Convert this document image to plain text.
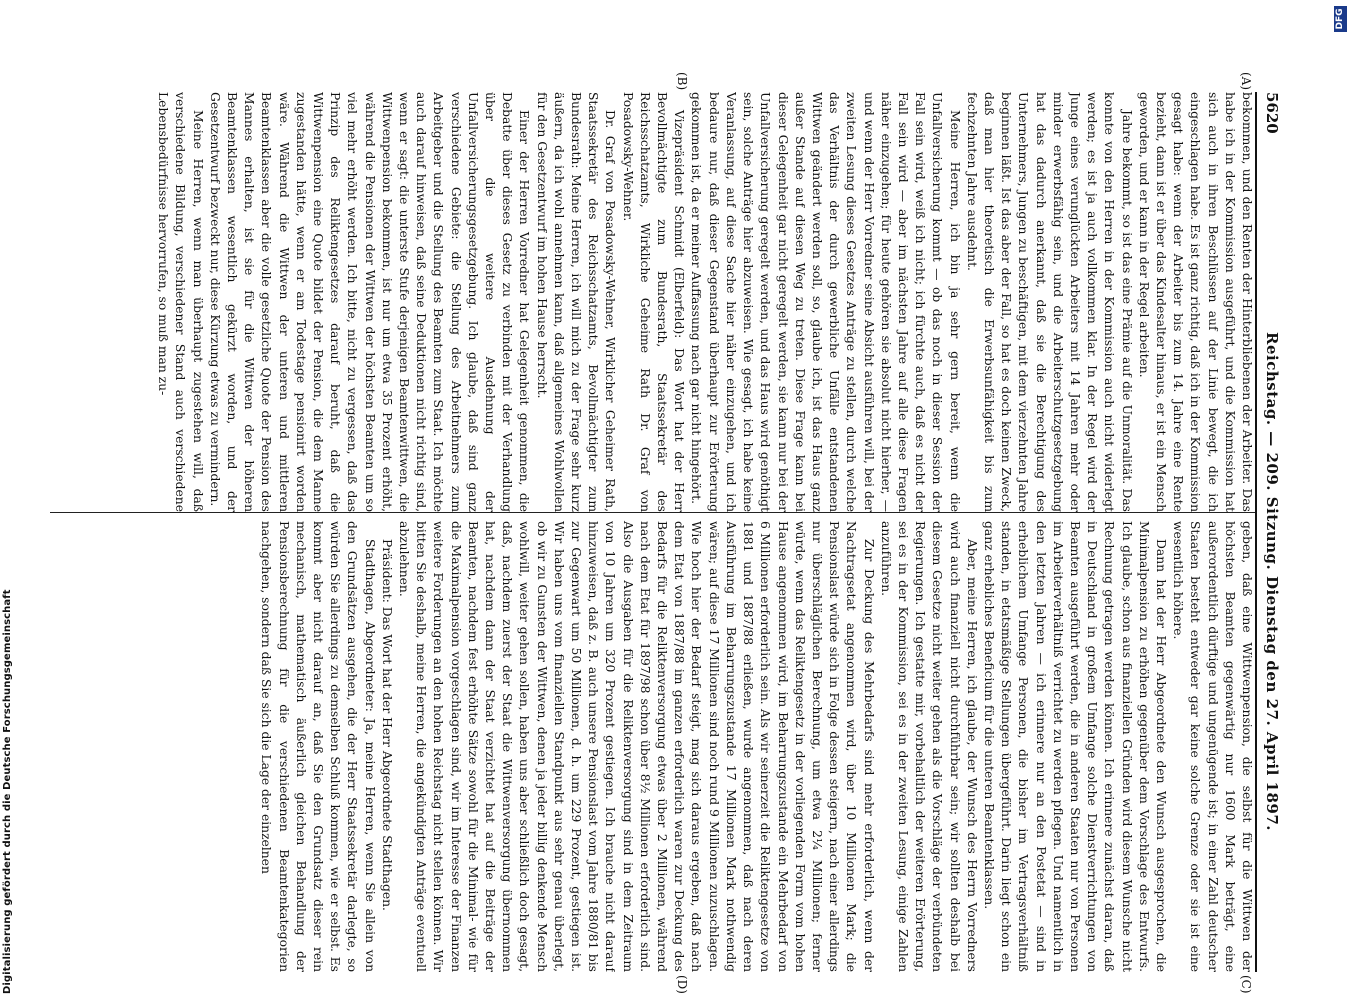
5620
Reichstag. — 209. Sitzung. Dienstag den 27. April 1897.
(A)
(B)
(C)
(D)

bekommen, und den Renten der Hinterbliebenen der Arbeiter. Das habe ich in der Kommission ausgeführt, und die Kommission hat sich auch in ihren Beschlüssen auf der Linie bewegt, die ich eingeschlagen habe. Es ist ganz richtig, daß ich in der Kommission gesagt habe: wenn der Arbeiter bis zum 14. Jahre eine Rente bezieht, dann ist er über das Kindesalter hinaus, er ist ein Mensch geworden, und er kann in der Regel arbeiten.

Jahre bekommt, so ist das eine Prämie auf die Unmoralität. Das konnte von den Herren in der Kommission auch nicht widerlegt werden; es ist ja auch vollkommen klar. In der Regel wird der Junge eines verunglückten Arbeiters mit 14 Jahren mehr oder minder erwerbsfähig sein, und die Arbeiterschutzgesetzgebung hat das dadurch anerkannt, daß sie die Berechtigung des Unternehmers, Jungen zu beschäftigen, mit dem vierzehnten Jahre beginnen läßt. Ist das aber der Fall, so hat es doch keinen Zweck, daß man hier theoretisch die Erwerbsunfähigkeit bis zum fechzehnten Jahre ausdehnt.

Meine Herren, ich bin ja sehr gern bereit, wenn die Unfallversicherung kommt — ob das noch in dieser Session der Fall sein wird, weiß ich nicht; ich fürchte auch, daß es nicht der Fall sein wird — aber im nächsten Jahre auf alle diese Fragen näher einzugehen; für heute gehören sie absolut nicht hierher, — und wenn der Herr Vorredner seine Absicht ausführen will, bei der zweiten Lesung dieses Gesetzes Anträge zu stellen, durch welche das Verhältnis der durch gewerbliche Unfälle entstandenen Wittwen geändert werden soll, so, glaube ich, ist das Haus ganz außer Stande auf diesen Weg zu treten. Diese Frage kann bei dieser Gelegenheit gar nicht geregelt werden, sie kann nur bei der Unfallversicherung geregelt werden, und das Haus wird genöthigt sein, solche Anträge hier abzuweisen. Wie gesagt, ich habe keine Veranlassung, auf diese Sache hier näher einzugehen, und ich bedaure nur, daß dieser Gegenstand überhaupt zur Erörterung gekommen ist, da er meiner Auffassung nach gar nicht hingehört.

Vizepräsident Schmidt (Elberfeld): Das Wort hat der Herr Bevollmächtigte zum Bundesrath, Staatssekretär des Reichsschatzamts, Wirkliche Geheime Rath Dr. Graf von Posadowsky-Wehner.

Dr. Graf von Posadowsky-Wehner, Wirklicher Geheimer Rath, Staatssekretär des Reichsschatzamts, Bevollmächtigter zum Bundesrath: Meine Herren, ich will mich zu der Frage sehr kurz äußern, da ich wohl annehmen kann, daß allgemeines Wohlwollen für den Gesetzentwurf im hohen Hause herrscht.

Einer der Herren Vorredner hat Gelegenheit genommen, die Debatte über dieses Gesetz zu verbinden mit der Verhandlung über die weitere Ausdehnung der Unfallversicherungsgesetzgebung. Ich glaube, daß sind ganz verschiedene Gebiete: die Stellung des Arbeitnehmers zum Arbeitgeber und die Stellung des Beamten zum Staat. Ich möchte auch darauf hinweisen, daß seine Deduktionen nicht richtig sind, wenn er sagt: die unterste Stufe derjenigen Beamtenwittwen, die Wittwenpension bekommen, ist nur um etwa 35 Prozent erhöht, während die Pensionen der Wittwen der höchsten Beamten um so viel mehr erhöht werden. Ich bitte, nicht zu vergessen, daß das Prinzip des Reliktengesetzes darauf beruht, daß die Wittwenpension eine Quote bildet der Pension, die dem Manne zugestanden hätte, wenn er am Todestage pensionirt worden wäre. Während die Wittwen der unteren und mittleren Beamtenklassen aber die volle gesetzliche Quote der Pension des Mannes erhalten, ist sie für die Wittwen der höheren Beamtenklassen wesentlich gekürzt worden, und der Gesetzentwurf bezweckt nur, diese Kürzung etwas zu vermindern.

Meine Herren, wenn man überhaupt zugestehen will, daß verschiedene Bildung, verschiedener Stand auch verschiedene Lebensbedürfnisse hervorrufen, so muß man zu-

geben, daß eine Wittwenpension, die selbst für die Wittwen der höchsten Beamten gegenwärtig nur 1600 Mark beträgt, eine außerordentlich dürftige und ungenügende ist; in einer Zahl deutscher Staaten besteht entweder gar keine solche Grenze oder sie ist eine wesentlich höhere.

Dann hat der Herr Abgeordnete den Wunsch ausgesprochen, die Minimalpension zu erhöhen gegenüber dem Vorschlage des Entwurfs. Ich glaube, schon aus finanziellen Gründen wird diesem Wunsche nicht Rechnung getragen werden können. Ich erinnere zunächst daran, daß in Deutschland in großem Umfange solche Dienstverrichtungen von Beamten ausgeführt werden, die in anderen Staaten nur von Personen im Arbeiterverhältniß verrichtet zu werden pflegen. Und namentlich in den letzten Jahren — ich erinnere nur an den Postetat — sind in erheblichem Umfange Personen, die bisher im Vertragsverhältniß standen, in etatsmäßige Stellungen übergeführt. Darin liegt schon ein ganz erhebliches Beneficium für die unteren Beamtenklassen.

Aber, meine Herren, ich glaube, der Wunsch des Herrn Vorredners wird auch finanziell nicht durchführbar sein; wir sollten deshalb bei diesem Gesetze nicht weiter gehen als die Vorschläge der verbündeten Regierungen. Ich gestatte mir, vorbehaltlich der weiteren Erörterung, sei es in der Kommission, sei es in der zweiten Lesung, einige Zahlen anzuführen.

Zur Deckung des Mehrbedarfs sind mehr erforderlich, wenn der Nachtragsetat angenommen wird, über 10 Millionen Mark; die Pensionslast würde sich in Folge dessen steigern, nach einer allerdings nur überschläglichen Berechnung, um etwa 2¼ Millionen; ferner würde, wenn das Reliktengesetz in der vorliegenden Form vom hohen Hause angenommen wird, im Beharrungszustande ein Mehrbedarf von 6 Millionen erforderlich sein. Als wir seinerzeit die Reliktengesetze von 1881 und 1887/88 erließen, wurde angenommen, daß nach deren Ausführung im Beharrungszustande 17 Millionen Mark nothwendig wären; auf diese 17 Millionen sind noch rund 9 Millionen zuzuschlagen. Wie hoch hier der Bedarf steigt, mag sich daraus ergeben, daß nach dem Etat von 1887/88 im ganzen erforderlich waren zur Deckung des Bedarfs für die Reliktenversorgung etwas über 2 Millionen, während nach dem Etat für 1897/98 schon über 8½ Millionen erforderlich sind. Also die Ausgaben für die Reliktenversorgung sind in dem Zeitraum von 10 Jahren um 320 Prozent gestiegen. Ich brauche nicht darauf hinzuweisen, daß z. B. auch unsere Pensionslast vom Jahre 1880/81 bis zur Gegenwart um 50 Millionen, d. h. um 229 Prozent, gestiegen ist. Wir haben uns vom finanziellen Standpunkt aus sehr genau überlegt, ob wir zu Gunsten der Wittwen, denen ja jeder billig denkende Mensch wohlwill, weiter gehen sollen, haben uns aber schließlich doch gesagt, daß, nachdem zuerst der Staat die Wittwenversorgung übernommen hat, nachdem dann der Staat verzichtet hat auf die Beiträge der Beamten, nachdem fest erhöhte Sätze sowohl für die Minimal- wie für die Maximalpension vorgeschlagen sind, wir im Interesse der Finanzen weitere Forderungen an den hohen Reichstag nicht stellen können. Wir bitten Sie deshalb, meine Herren, die angekündigten Anträge eventuell abzulehnen.

Präsident: Das Wort hat der Herr Abgeordnete Stadthagen.

Stadthagen, Abgeordneter: Ja, meine Herren, wenn Sie allein von den Grundsätzen ausgehen, die der Herr Staatssekretär darlegte, so würden Sie allerdings zu demselben Schluß kommen, wie er selbst. Es kommt aber nicht darauf an, daß Sie den Grundsatz dieser rein mechanisch, mathematisch äußerlich gleichen Behandlung der Pensionsberechnung für die verschiedenen Beamtenkategorien nachgehen, sondern daß Sie sich die Lage der einzelnen

Digitalisierung gefördert durch die Deutsche Forschungsgemeinschaft
DFG
